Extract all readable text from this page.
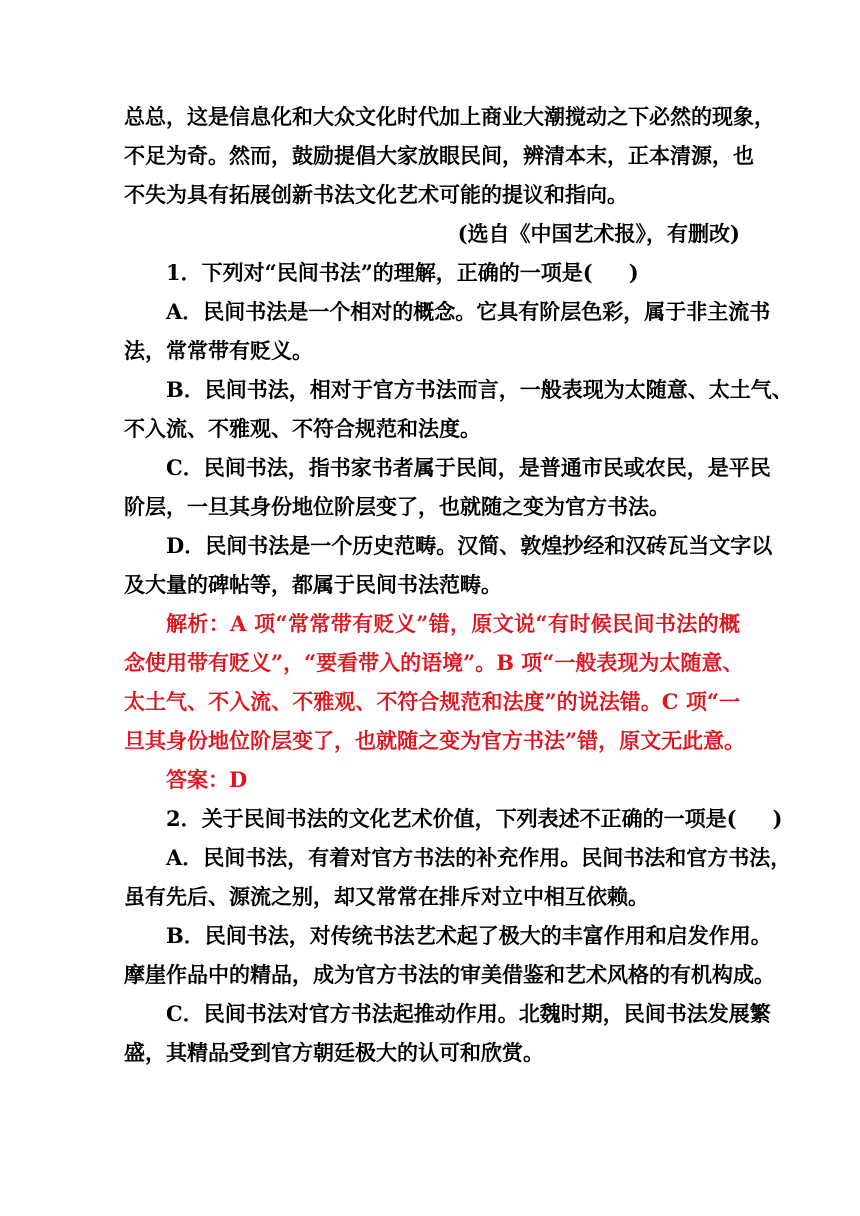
总总，这是信息化和大众文化时代加上商业大潮搅动之下必然的现象，
不足为奇。然而，鼓励提倡大家放眼民间，辨清本末，正本清源，也
不失为具有拓展创新书法文化艺术可能的提议和指向。
(选自《中国艺术报》，有删改)
1．下列对“民间书法”的理解，正确的一项是( )
A．民间书法是一个相对的概念。它具有阶层色彩，属于非主流书
法，常常带有贬义。
B．民间书法，相对于官方书法而言，一般表现为太随意、太土气、
不入流、不雅观、不符合规范和法度。
C．民间书法，指书家书者属于民间，是普通市民或农民，是平民
阶层，一旦其身份地位阶层变了，也就随之变为官方书法。
D．民间书法是一个历史范畴。汉简、敦煌抄经和汉砖瓦当文字以
及大量的碑帖等，都属于民间书法范畴。
解析：A 项“常常带有贬义”错，原文说“有时候民间书法的概
念使用带有贬义”，“要看带入的语境”。B 项“一般表现为太随意、
太土气、不入流、不雅观、不符合规范和法度”的说法错。C 项“一
旦其身份地位阶层变了，也就随之变为官方书法”错，原文无此意。
答案：D
2．关于民间书法的文化艺术价值，下列表述不正确的一项是( )
A．民间书法，有着对官方书法的补充作用。民间书法和官方书法，
虽有先后、源流之别，却又常常在排斥对立中相互依赖。
B．民间书法，对传统书法艺术起了极大的丰富作用和启发作用。
摩崖作品中的精品，成为官方书法的审美借鉴和艺术风格的有机构成。
C．民间书法对官方书法起推动作用。北魏时期，民间书法发展繁
盛，其精品受到官方朝廷极大的认可和欣赏。
